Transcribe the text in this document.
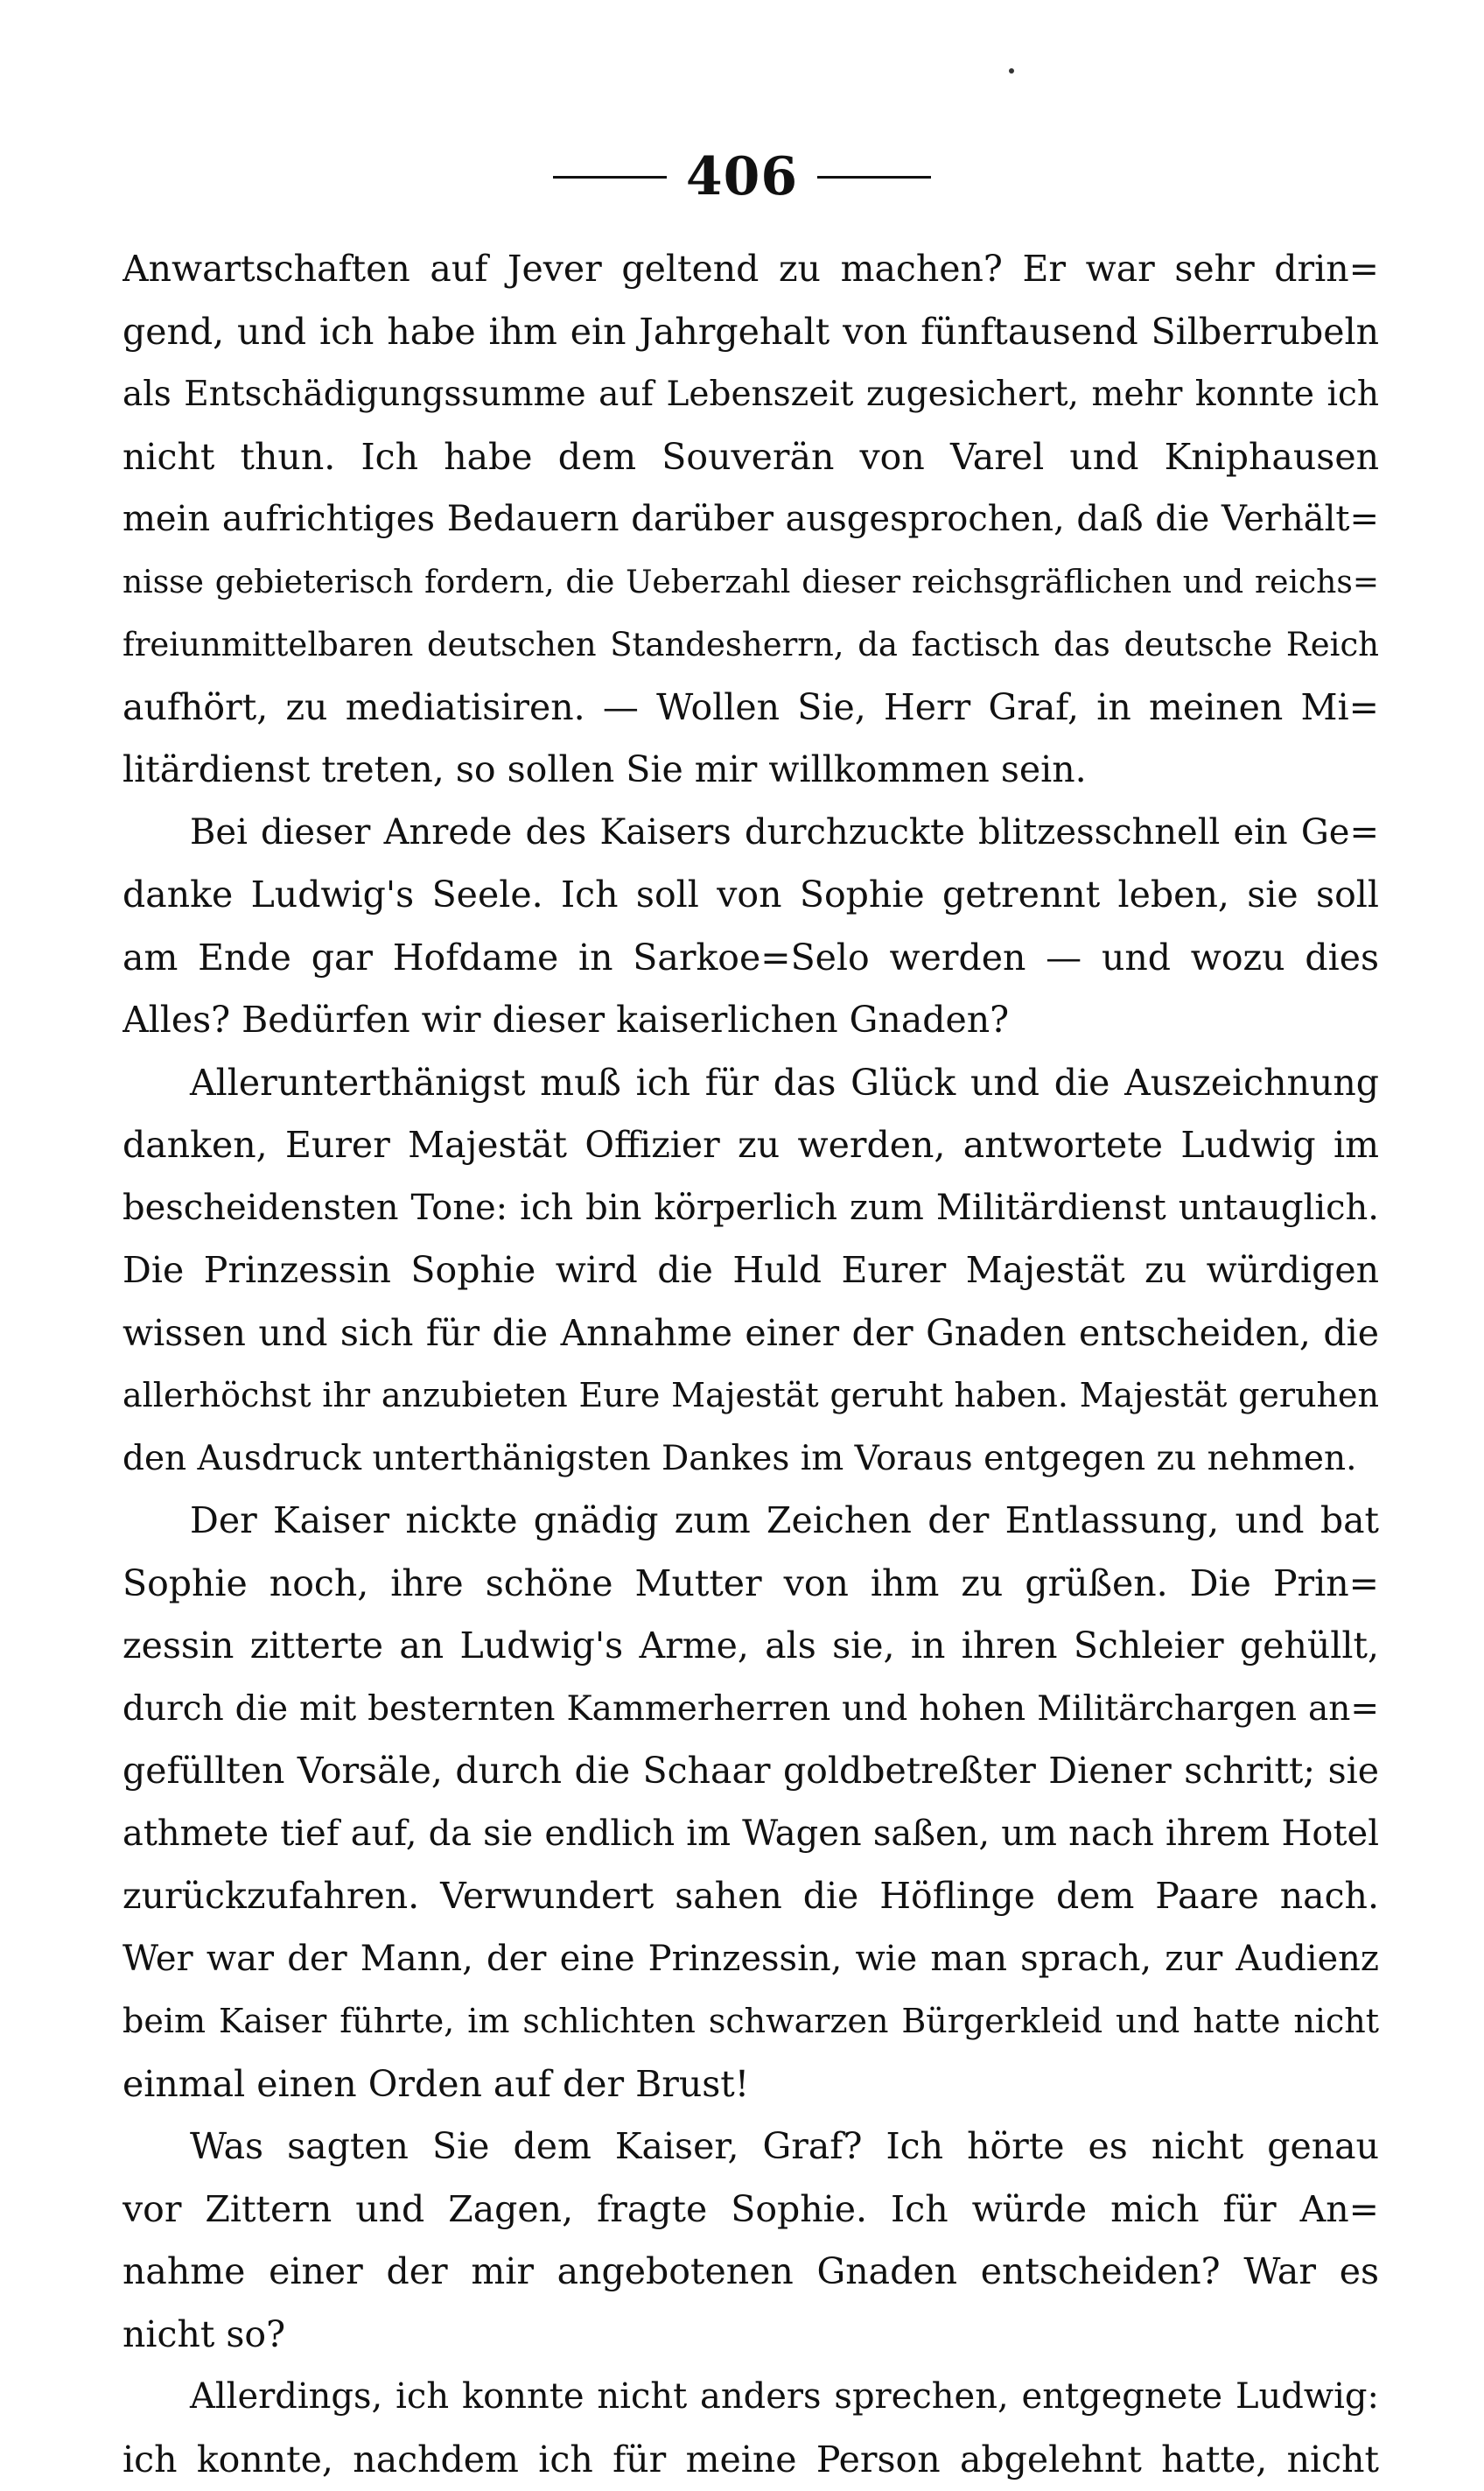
406
Anwartschaften auf Jever geltend zu machen? Er war sehr drin=
gend, und ich habe ihm ein Jahrgehalt von fünftausend Silberrubeln
als Entschädigungssumme auf Lebenszeit zugesichert, mehr konnte ich
nicht thun. Ich habe dem Souverän von Varel und Kniphausen
mein aufrichtiges Bedauern darüber ausgesprochen, daß die Verhält=
nisse gebieterisch fordern, die Ueberzahl dieser reichsgräflichen und reichs=
freiunmittelbaren deutschen Standesherrn, da factisch das deutsche Reich
aufhört, zu mediatisiren. — Wollen Sie, Herr Graf, in meinen Mi=
litärdienst treten, so sollen Sie mir willkommen sein.
Bei dieser Anrede des Kaisers durchzuckte blitzesschnell ein Ge=
danke Ludwig's Seele. Ich soll von Sophie getrennt leben, sie soll
am Ende gar Hofdame in Sarkoe=Selo werden — und wozu dies
Alles? Bedürfen wir dieser kaiserlichen Gnaden?
Allerunterthänigst muß ich für das Glück und die Auszeichnung
danken, Eurer Majestät Offizier zu werden, antwortete Ludwig im
bescheidensten Tone: ich bin körperlich zum Militärdienst untauglich.
Die Prinzessin Sophie wird die Huld Eurer Majestät zu würdigen
wissen und sich für die Annahme einer der Gnaden entscheiden, die
allerhöchst ihr anzubieten Eure Majestät geruht haben. Majestät geruhen
den Ausdruck unterthänigsten Dankes im Voraus entgegen zu nehmen.
Der Kaiser nickte gnädig zum Zeichen der Entlassung, und bat
Sophie noch, ihre schöne Mutter von ihm zu grüßen. Die Prin=
zessin zitterte an Ludwig's Arme, als sie, in ihren Schleier gehüllt,
durch die mit besternten Kammerherren und hohen Militärchargen an=
gefüllten Vorsäle, durch die Schaar goldbetreßter Diener schritt; sie
athmete tief auf, da sie endlich im Wagen saßen, um nach ihrem Hotel
zurückzufahren. Verwundert sahen die Höflinge dem Paare nach.
Wer war der Mann, der eine Prinzessin, wie man sprach, zur Audienz
beim Kaiser führte, im schlichten schwarzen Bürgerkleid und hatte nicht
einmal einen Orden auf der Brust!
Was sagten Sie dem Kaiser, Graf? Ich hörte es nicht genau
vor Zittern und Zagen, fragte Sophie. Ich würde mich für An=
nahme einer der mir angebotenen Gnaden entscheiden? War es
nicht so?
Allerdings, ich konnte nicht anders sprechen, entgegnete Ludwig:
ich konnte, nachdem ich für meine Person abgelehnt hatte, nicht
